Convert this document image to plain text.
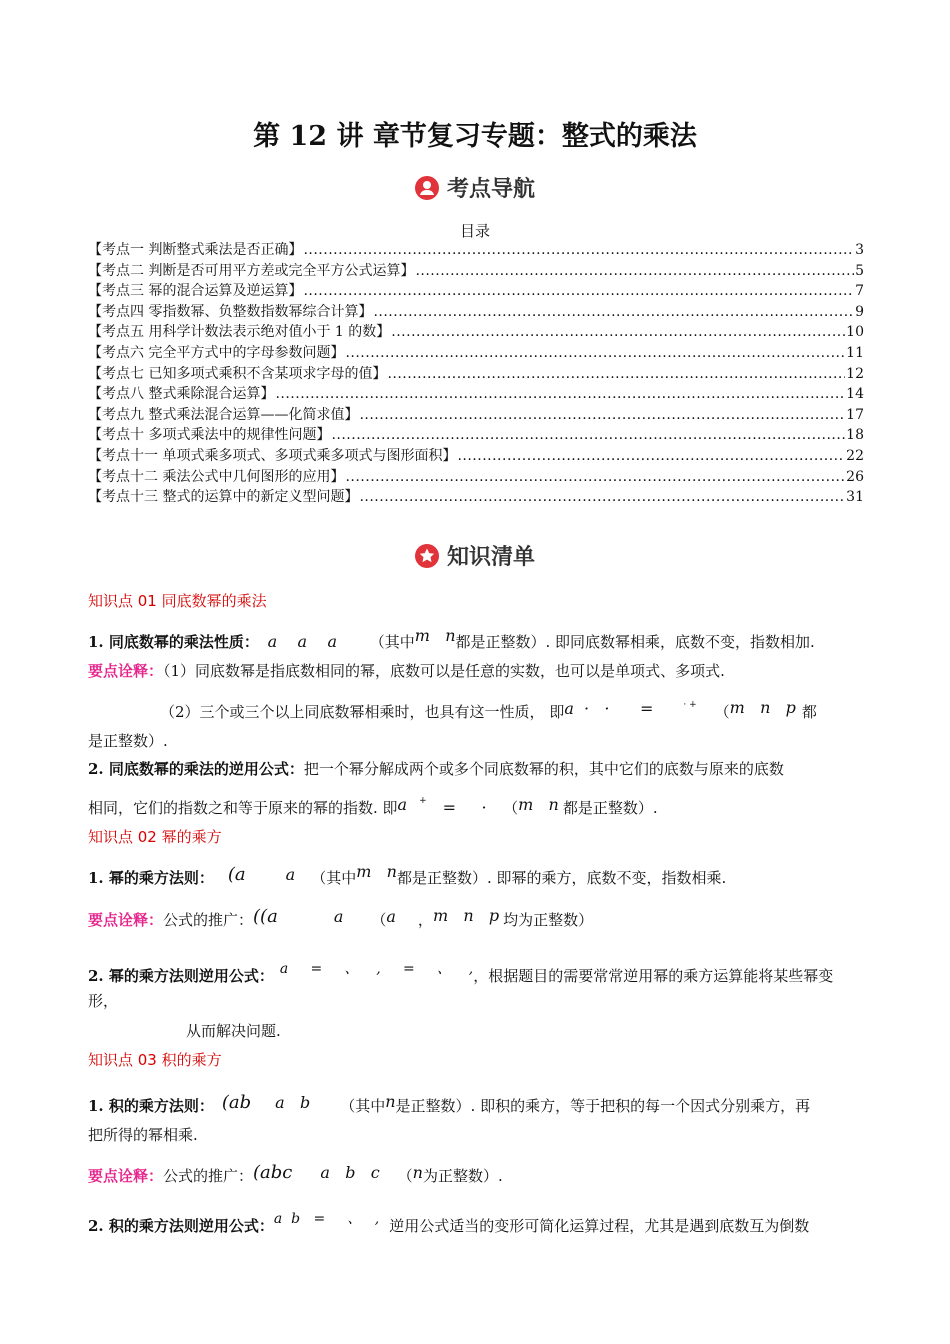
第 12 讲 章节复习专题：整式的乘法
考点导航
目录
【考点一 判断整式乘法是否正确】 .....	3
【考点二 判断是否可用平方差或完全平方公式运算】 .....	5
【考点三 幂的混合运算及逆运算】 .....	7
【考点四 零指数幂、负整数指数幂综合计算】 .....	9
【考点五 用科学计数法表示绝对值小于 1 的数】 .....	10
【考点六 完全平方式中的字母参数问题】 .....	11
【考点七 已知多项式乘积不含某项求字母的值】 .....	12
【考点八 整式乘除混合运算】 .....	14
【考点九 整式乘法混合运算——化简求值】 .....	17
【考点十 多项式乘法中的规律性问题】 .....	18
【考点十一 单项式乘多项式、多项式乘多项式与图形面积】 .....	22
【考点十二 乘法公式中几何图形的应用】 .....	26
【考点十三 整式的运算中的新定义型问题】 .....	31
知识清单
知识点 01 同底数幂的乘法
1. 同底数幂的乘法性质： a    a    a （其中m   n都是正整数）. 即同底数幂相乘，底数不变，指数相加.
要点诠释：（1）同底数幂是指底数相同的幂，底数可以是任意的实数，也可以是单项式、多项式.
（2）三个或三个以上同底数幂相乘时，也具有这一性质， 即a  ·   ·      =	· + （m   n   p 都
是正整数）.
2. 同底数幂的乘法的逆用公式：把一个幂分解成两个或多个同底数幂的积，其中它们的底数与原来的底数
相同，它们的指数之和等于原来的幂的指数. 即a + =     · （m   n 都是正整数）.
知识点 02 幂的乘方
1. 幂的乘方法则： (a	a （其中m   n都是正整数）. 即幂的乘方，底数不变，指数相乘.
要点诠释：公式的推广：((a	a （a ，m   n   p 均为正整数）
2. 幂的乘方法则逆用公式： a     =     、    ,     =     、    ,，根据题目的需要常常逆用幂的乘方运算能将某些幂变
形，
从而解决问题.
知识点 03 积的乘方
1. 积的乘方法则： (ab a   b （其中n是正整数）. 即积的乘方，等于把积的每一个因式分别乘方，再
把所得的幂相乘.
要点诠释：公式的推广：(abc a   b   c （n为正整数）.
2. 积的乘方法则逆用公式：a  b   =     、   , 逆用公式适当的变形可简化运算过程，尤其是遇到底数互为倒数
